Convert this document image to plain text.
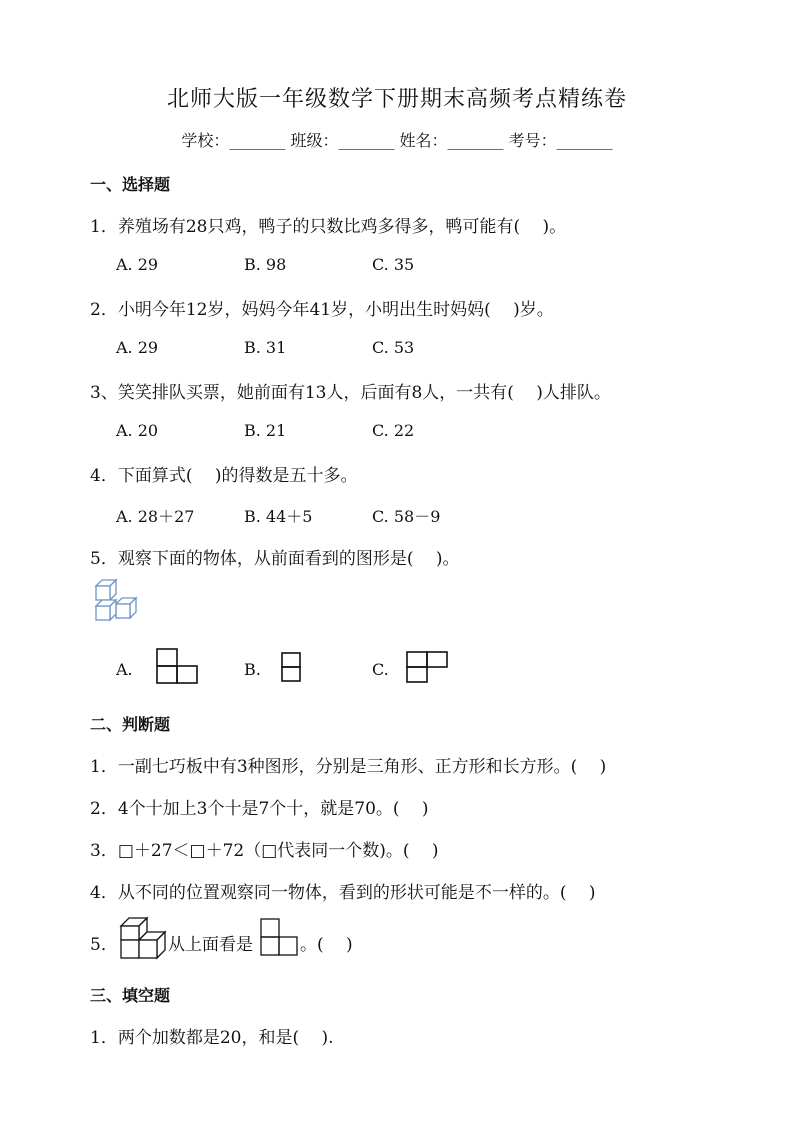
北师大版一年级数学下册期末高频考点精练卷
学校：_______ 班级：_______ 姓名：_______ 考号：_______
一、选择题
1．养殖场有28只鸡，鸭子的只数比鸡多得多，鸭可能有(　 )。
A. 29	B. 98	C. 35
2．小明今年12岁，妈妈今年41岁，小明出生时妈妈(　 )岁。
A. 29	B. 31	C. 53
3、笑笑排队买票，她前面有13人，后面有8人，一共有(　 )人排队。
A. 20	B. 21	C. 22
4．下面算式(　 )的得数是五十多。
A. 28＋27	B. 44＋5	C. 58－9
5．观察下面的物体，从前面看到的图形是(　 )。
A.	B.	C.
二、判断题
1．一副七巧板中有3种图形，分别是三角形、正方形和长方形。(　 )
2．4个十加上3个十是7个十，就是70。(　 )
3．□＋27＜□＋72（□代表同一个数)。(　 )
4．从不同的位置观察同一物体，看到的形状可能是不一样的。(　 )
5．	从上面看是	。(　 )
三、填空题
1．两个加数都是20，和是(　 ).
